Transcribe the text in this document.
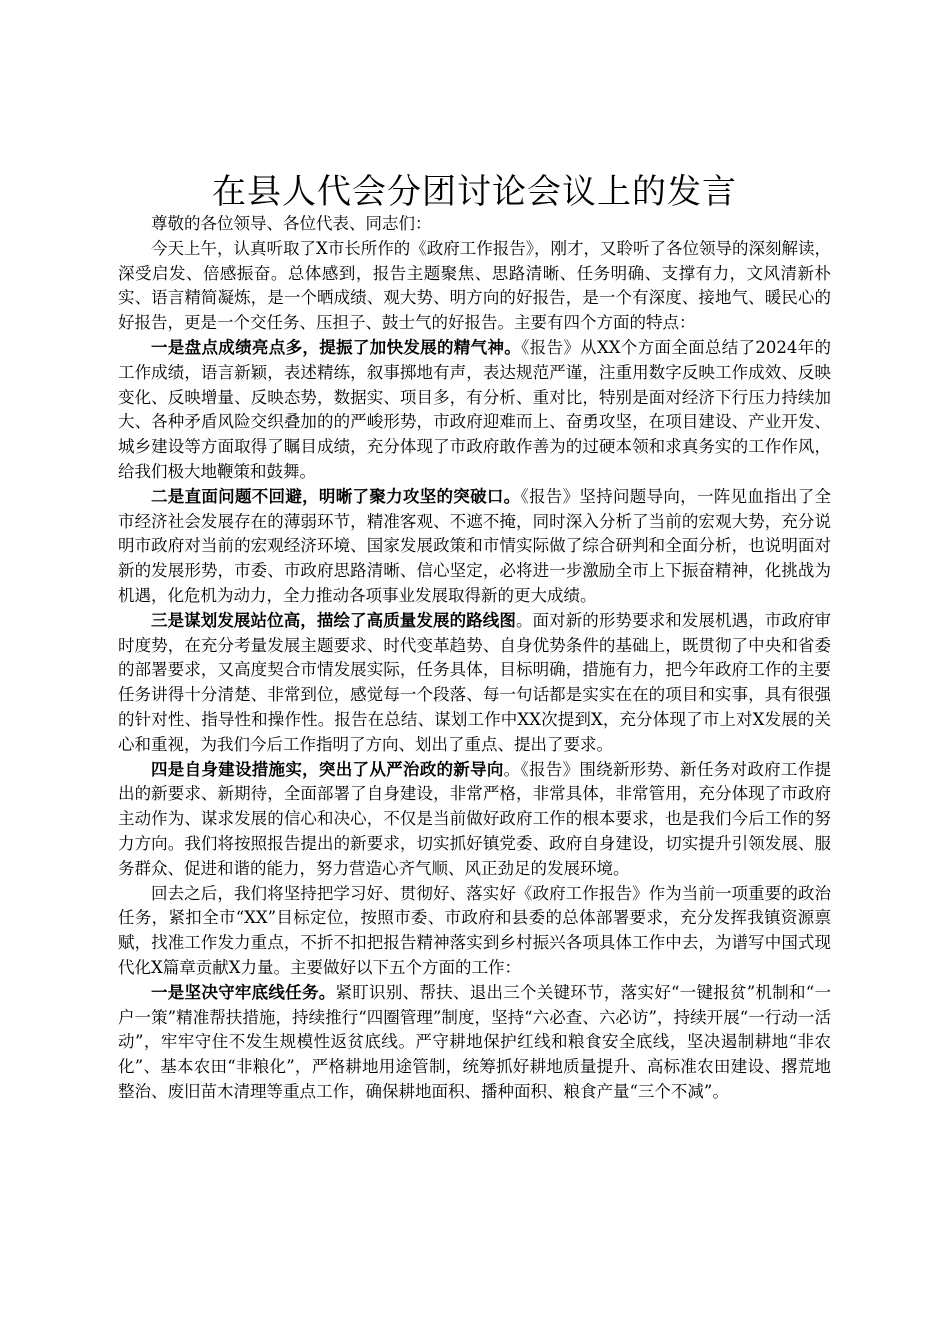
在县人代会分团讨论会议上的发言

尊敬的各位领导、各位代表、同志们：

今天上午，认真听取了X市长所作的《政府工作报告》，刚才，又聆听了各位领导的深刻解读，深受启发、倍感振奋。总体感到，报告主题聚焦、思路清晰、任务明确、支撑有力，文风清新朴实、语言精简凝炼，是一个晒成绩、观大势、明方向的好报告，是一个有深度、接地气、暖民心的好报告，更是一个交任务、压担子、鼓士气的好报告。主要有四个方面的特点：

一是盘点成绩亮点多，提振了加快发展的精气神。《报告》从XX个方面全面总结了2024年的工作成绩，语言新颖，表述精练，叙事掷地有声，表达规范严谨，注重用数字反映工作成效、反映变化、反映增量、反映态势，数据实、项目多，有分析、重对比，特别是面对经济下行压力持续加大、各种矛盾风险交织叠加的的严峻形势，市政府迎难而上、奋勇攻坚，在项目建设、产业开发、城乡建设等方面取得了瞩目成绩，充分体现了市政府敢作善为的过硬本领和求真务实的工作作风，给我们极大地鞭策和鼓舞。

二是直面问题不回避，明晰了聚力攻坚的突破口。《报告》坚持问题导向，一阵见血指出了全市经济社会发展存在的薄弱环节，精准客观、不遮不掩，同时深入分析了当前的宏观大势，充分说明市政府对当前的宏观经济环境、国家发展政策和市情实际做了综合研判和全面分析，也说明面对新的发展形势，市委、市政府思路清晰、信心坚定，必将进一步激励全市上下振奋精神，化挑战为机遇，化危机为动力，全力推动各项事业发展取得新的更大成绩。

三是谋划发展站位高，描绘了高质量发展的路线图。面对新的形势要求和发展机遇，市政府审时度势，在充分考量发展主题要求、时代变革趋势、自身优势条件的基础上，既贯彻了中央和省委的部署要求，又高度契合市情发展实际，任务具体，目标明确，措施有力，把今年政府工作的主要任务讲得十分清楚、非常到位，感觉每一个段落、每一句话都是实实在在的项目和实事，具有很强的针对性、指导性和操作性。报告在总结、谋划工作中XX次提到X，充分体现了市上对X发展的关心和重视，为我们今后工作指明了方向、划出了重点、提出了要求。

四是自身建设措施实，突出了从严治政的新导向。《报告》围绕新形势、新任务对政府工作提出的新要求、新期待，全面部署了自身建设，非常严格，非常具体，非常管用，充分体现了市政府主动作为、谋求发展的信心和决心，不仅是当前做好政府工作的根本要求，也是我们今后工作的努力方向。我们将按照报告提出的新要求，切实抓好镇党委、政府自身建设，切实提升引领发展、服务群众、促进和谐的能力，努力营造心齐气顺、风正劲足的发展环境。

回去之后，我们将坚持把学习好、贯彻好、落实好《政府工作报告》作为当前一项重要的政治任务，紧扣全市“XX”目标定位，按照市委、市政府和县委的总体部署要求，充分发挥我镇资源禀赋，找准工作发力重点，不折不扣把报告精神落实到乡村振兴各项具体工作中去，为谱写中国式现代化X篇章贡献X力量。主要做好以下五个方面的工作：

一是坚决守牢底线任务。紧盯识别、帮扶、退出三个关键环节，落实好“一键报贫”机制和“一户一策”精准帮扶措施，持续推行“四圈管理”制度，坚持“六必查、六必访”，持续开展“一行动一活动”，牢牢守住不发生规模性返贫底线。严守耕地保护红线和粮食安全底线，坚决遏制耕地“非农化”、基本农田“非粮化”，严格耕地用途管制，统筹抓好耕地质量提升、高标准农田建设、撂荒地整治、废旧苗木清理等重点工作，确保耕地面积、播种面积、粮食产量“三个不减”。
